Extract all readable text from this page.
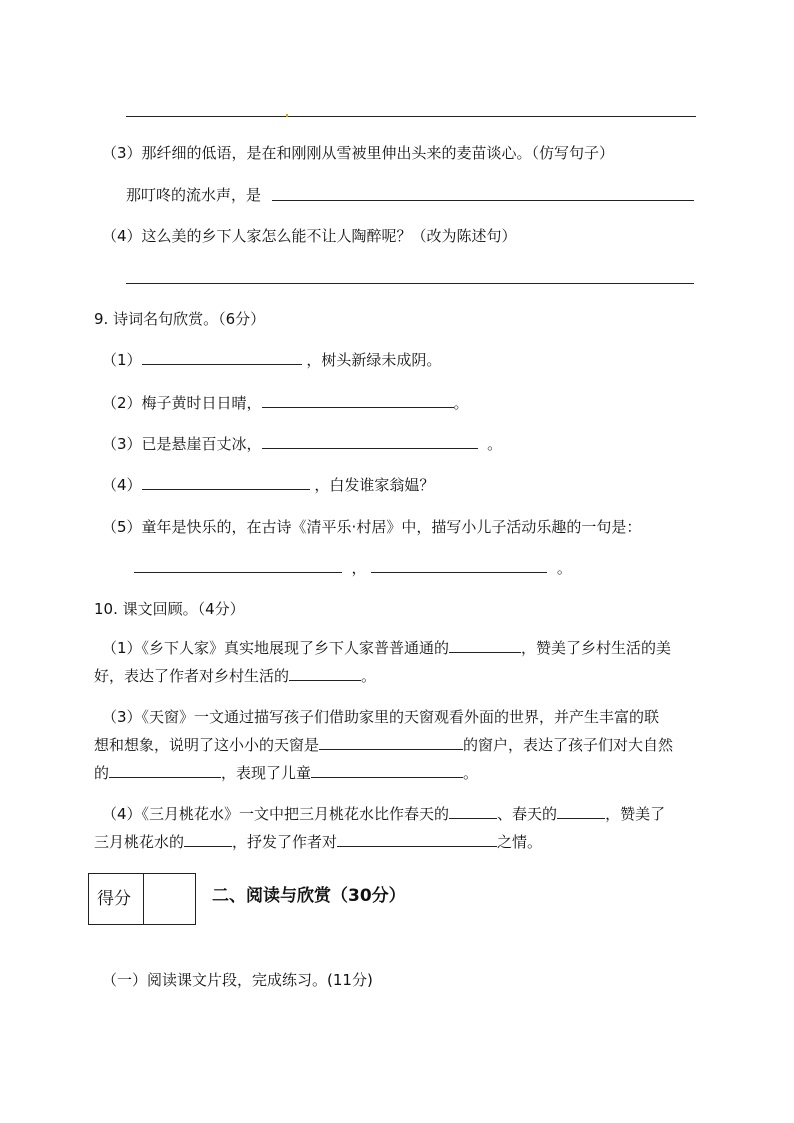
（3）那纤细的低语，是在和刚刚从雪被里伸出头来的麦苗谈心。（仿写句子）
那叮咚的流水声，是
（4）这么美的乡下人家怎么能不让人陶醉呢？（改为陈述句）
9. 诗词名句欣赏。（6分）
（1）	，树头新绿未成阴。
（2）梅子黄时日日晴，	。
（3）已是悬崖百丈冰，	。
（4）	，白发谁家翁媪？
（5）童年是快乐的，在古诗《清平乐·村居》中，描写小儿子活动乐趣的一句是：
，	。
10. 课文回顾。（4分）
（1）《乡下人家》真实地展现了乡下人家普普通通的	，赞美了乡村生活的美
好，表达了作者对乡村生活的	。
（3）《天窗》一文通过描写孩子们借助家里的天窗观看外面的世界，并产生丰富的联
想和想象，说明了这小小的天窗是	的窗户，表达了孩子们对大自然
的	，表现了儿童	。
（4）《三月桃花水》一文中把三月桃花水比作春天的	、春天的	，赞美了
三月桃花水的	，抒发了作者对	之情。
得分	二、阅读与欣赏（30分）
（一）阅读课文片段，完成练习。(11分)
